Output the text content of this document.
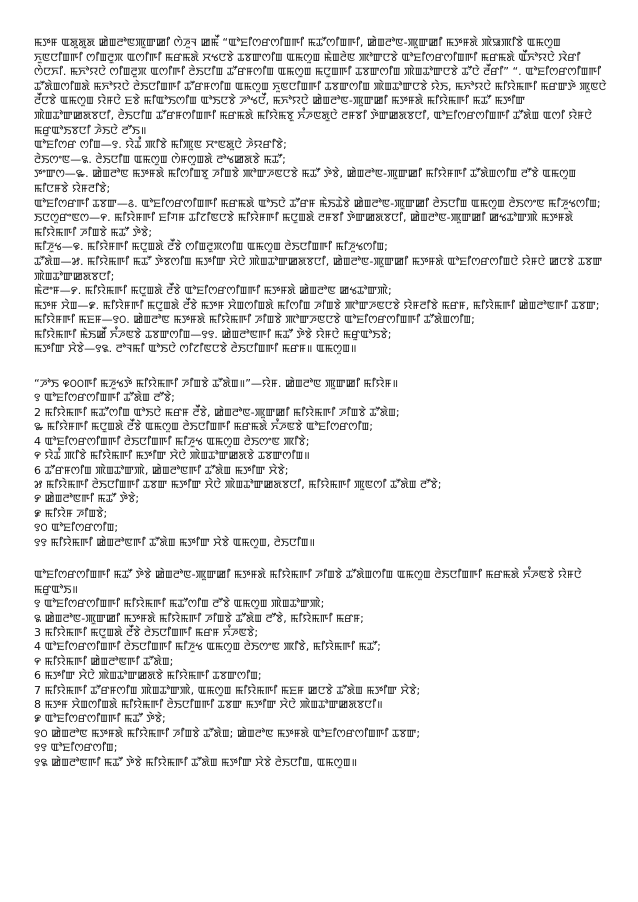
ꯃꯇꯝ ꯑꯗꯨꯗꯨꯗ ꯀꯥꯡꯂꯣꯟꯄꯨꯛꯀꯤ ꯁꯥꯍꯨꯜ ꯀꯃꯩ “ꯑꯣꯐꯤꯁꯔꯁꯤꯡꯒꯤ ꯃꯊꯧꯁꯤꯡꯒꯤ, ꯀꯥꯡꯂꯣꯟ-ꯄꯨꯛꯀꯤ ꯃꯇꯝꯗꯥ ꯄꯥꯎꯄꯤꯕꯥ ꯑꯃꯁꯨꯡ ꯈꯨꯟꯅꯤꯡꯒꯤ ꯁꯤꯡꯂꯨꯞ ꯑꯁꯤꯒꯤ ꯃꯔꯃꯗꯥ ꯆꯠꯅꯕꯥ ꯊꯕꯛꯁꯤꯡ ꯑꯃꯁꯨꯡ ꯃꯥꯡꯂꯥꯟ ꯄꯣꯛꯅꯕꯥ ꯑꯣꯐꯤꯁꯔꯁꯤꯡꯒꯤ ꯃꯔꯃꯗꯥ ꯑꯩꯈꯣꯌꯅꯥ ꯋꯥꯔꯤ ꯁꯥꯅꯈꯤ. ꯃꯈꯣꯌꯅꯥ ꯁꯤꯡꯂꯨꯞ ꯑꯁꯤꯒꯤ ꯂꯥꯏꯅꯤꯡ ꯊꯧꯔꯝꯁꯤꯡ ꯑꯃꯁꯨꯡ ꯃꯅꯨꯡꯒꯤ ꯊꯕꯛꯁꯤꯡ ꯄꯥꯡꯊꯣꯛꯅꯕꯥ ꯊꯧꯅꯥ ꯂꯩꯔꯤ” “. ꯑꯣꯐꯤꯁꯔꯁꯤꯡꯒꯤ ꯊꯧꯗꯥꯡꯁꯤꯡꯗꯥ ꯃꯈꯣꯌꯅꯥ ꯂꯥꯏꯅꯤꯡꯒꯤ ꯊꯧꯔꯝꯁꯤꯡ ꯑꯃꯁꯨꯡ ꯈꯨꯟꯅꯤꯡꯒꯤ ꯊꯕꯛꯁꯤꯡ ꯄꯥꯡꯊꯣꯛꯅꯕꯥ ꯌꯥꯏ, ꯃꯈꯣꯌꯅꯥ ꯃꯤꯌꯥꯃꯒꯤ ꯃꯔꯛꯇꯥ ꯄꯨꯟꯅꯥ ꯂꯩꯅꯕꯥ ꯑꯃꯁꯨꯡ ꯌꯥꯝꯅꯥ ꯐꯕꯥ ꯃꯤꯑꯣꯏꯁꯤꯡ ꯑꯣꯏꯅꯕꯥ ꯍꯣꯠꯅꯩ, ꯃꯈꯣꯌꯅꯥ ꯀꯥꯡꯂꯣꯟ-ꯄꯨꯛꯀꯤ ꯃꯇꯝꯗꯥ ꯃꯤꯌꯥꯃꯒꯤ ꯃꯊꯧ ꯃꯇꯤꯛ ꯄꯥꯡꯊꯣꯛꯀꯗꯕꯅꯤ, ꯂꯥꯏꯅꯤꯡ ꯊꯧꯔꯝꯁꯤꯡꯒꯤ ꯃꯔꯃꯗꯥ ꯃꯤꯌꯥꯃꯕꯨ ꯈꯪꯍꯟꯗꯨꯅꯥ ꯂꯝꯕꯤ ꯇꯥꯛꯀꯗꯕꯅꯤ, ꯑꯣꯐꯤꯁꯔꯁꯤꯡꯒꯤ ꯊꯧꯗꯥꯡ ꯑꯁꯤ ꯌꯥꯝꯅꯥ ꯃꯔꯨꯑꯣꯏꯕꯅꯤ ꯍꯥꯏꯅꯥ ꯂꯧꯏ॥

ꯑꯣꯐꯤꯁꯔ ꯁꯤꯡ—꯱. ꯌꯥꯊꯪ ꯄꯤꯕꯥ ꯃꯤꯄꯨꯟ ꯆꯦꯟꯗꯨꯅꯥ ꯍꯥꯌꯔꯤꯕꯥ;
ꯂꯥꯏꯁꯦꯟ—꯲. ꯂꯥꯏꯅꯤꯡ ꯑꯃꯁꯨꯡ ꯁꯥꯝꯁꯨꯡꯗꯥ ꯂꯣꯠꯀꯗꯕꯥ ꯃꯊꯧ;
ꯇꯦꯛꯁ—꯳. ꯀꯥꯡꯂꯣꯟ ꯃꯇꯝꯗꯥ ꯃꯤꯁꯤꯡꯕꯨ ꯍꯤꯡꯕꯥ ꯄꯣꯛꯍꯟꯅꯕꯥ ꯃꯊꯧ ꯇꯥꯕꯥ, ꯀꯥꯡꯂꯣꯟ-ꯄꯨꯛꯀꯤ ꯃꯤꯌꯥꯝꯒꯤ ꯊꯧꯗꯥꯡꯁꯤꯡ ꯂꯧꯕꯥ ꯑꯃꯁꯨꯡ ꯃꯤꯅꯝꯕꯥ ꯌꯥꯝꯂꯤꯕꯥ;
ꯑꯣꯐꯤꯁꯔꯒꯤ ꯊꯕꯛ—꯴. ꯑꯣꯐꯤꯁꯔꯁꯤꯡꯒꯤ ꯃꯔꯃꯗꯥ ꯑꯣꯏꯅꯥ ꯊꯧꯔꯝ ꯃꯥꯏꯊꯥꯕꯥ ꯀꯥꯡꯂꯣꯟ-ꯄꯨꯛꯀꯤ ꯂꯥꯏꯅꯤꯡ ꯑꯃꯁꯨꯡ ꯂꯥꯏꯁꯦꯟ ꯃꯤꯍꯨꯠꯁꯤꯡ;
ꯏꯅꯁꯨꯔꯦꯟꯁ—꯵. ꯃꯤꯌꯥꯝꯒꯤ ꯐꯤꯚꯝ ꯊꯤꯖꯤꯟꯅꯕꯥ ꯃꯤꯌꯥꯝꯒꯤ ꯃꯅꯨꯡꯗꯥ ꯂꯝꯕꯤ ꯇꯥꯛꯀꯗꯕꯅꯤ, ꯀꯥꯡꯂꯣꯟ-ꯄꯨꯛꯀꯤ ꯀꯠꯊꯣꯛꯄꯥ ꯃꯇꯝꯗꯥ ꯃꯤꯌꯥꯃꯒꯤ ꯍꯤꯡꯕꯥ ꯃꯊꯧ ꯇꯥꯕꯥ;
ꯃꯤꯍꯨꯠ—꯶. ꯃꯤꯌꯥꯝꯒꯤ ꯃꯅꯨꯡꯗꯥ ꯂꯩꯕꯥ ꯁꯤꯡꯂꯨꯞꯁꯤꯡ ꯑꯃꯁꯨꯡ ꯂꯥꯏꯅꯤꯡꯒꯤ ꯃꯤꯍꯨꯠꯁꯤꯡ;
ꯊꯧꯗꯥꯡ—꯷. ꯃꯤꯌꯥꯃꯒꯤ ꯃꯊꯧ ꯇꯥꯕꯁꯤꯡ ꯃꯇꯤꯛ ꯆꯥꯅꯥ ꯄꯥꯡꯊꯣꯛꯀꯗꯕꯅꯤ, ꯀꯥꯡꯂꯣꯟ-ꯄꯨꯛꯀꯤ ꯃꯇꯝꯗꯥ ꯑꯣꯐꯤꯁꯔꯁꯤꯡꯅꯥ ꯌꯥꯝꯅꯥ ꯀꯅꯕꯥ ꯊꯕꯛ ꯄꯥꯡꯊꯣꯛꯀꯗꯕꯅꯤ;
ꯃꯥꯂꯦꯝ—꯸. ꯃꯤꯌꯥꯃꯒꯤ ꯃꯅꯨꯡꯗꯥ ꯂꯩꯕꯥ ꯑꯣꯐꯤꯁꯔꯁꯤꯡꯒꯤ ꯃꯇꯝꯗꯥ ꯀꯥꯡꯂꯣꯟ ꯀꯠꯊꯣꯛꯄꯥ;
ꯃꯇꯝ ꯆꯥꯡ—꯹. ꯃꯤꯌꯥꯝꯒꯤ ꯃꯅꯨꯡꯗꯥ ꯂꯩꯕꯥ ꯃꯇꯝ ꯆꯥꯡꯁꯤꯡꯗꯥ ꯃꯤꯁꯤꯡ ꯍꯤꯡꯕꯥ ꯄꯣꯛꯍꯟꯅꯕꯥ ꯌꯥꯝꯂꯤꯕꯥ ꯃꯔꯝ, ꯃꯤꯌꯥꯃꯒꯤ ꯀꯥꯡꯂꯣꯟꯒꯤ ꯊꯕꯛ;
ꯃꯤꯌꯥꯝꯒꯤ ꯃꯐꯝ—꯱꯰. ꯀꯥꯡꯂꯣꯟ ꯃꯇꯝꯗꯥ ꯃꯤꯌꯥꯃꯒꯤ ꯍꯤꯡꯕꯥ ꯄꯣꯛꯍꯟꯅꯕꯥ ꯑꯣꯐꯤꯁꯔꯁꯤꯡꯒꯤ ꯊꯧꯗꯥꯡꯁꯤꯡ;
ꯃꯤꯌꯥꯃꯒꯤ ꯃꯥꯏꯀꯩ ꯈꯪꯍꯟꯕꯥ ꯊꯕꯛꯁꯤꯡ—꯱꯱. ꯀꯥꯡꯂꯣꯟꯒꯤ ꯃꯊꯧ ꯇꯥꯕꯥ ꯌꯥꯝꯅꯥ ꯃꯔꯨꯑꯣꯏꯕꯥ;
ꯃꯇꯤꯛ ꯆꯥꯕꯥ—꯱꯲. ꯂꯣꯜꯃꯤ ꯑꯣꯏꯅꯥ ꯁꯤꯖꯤꯟꯅꯕꯥ ꯂꯥꯏꯅꯤꯡꯒꯤ ꯃꯔꯝ॥ ꯑꯃꯁꯨꯡ॥
“ꯍꯣꯏ ꯶꯰꯰ꯒꯤ ꯃꯍꯨꯠꯇꯥ ꯃꯤꯌꯥꯃꯒꯤ ꯍꯤꯡꯕꯥ ꯊꯧꯗꯥꯡ॥”—ꯌꯥꯝ. ꯀꯥꯡꯂꯣꯟ ꯄꯨꯛꯀꯤ ꯃꯤꯌꯥꯝ॥
꯱ ꯑꯣꯐꯤꯁꯔꯁꯤꯡꯒꯤ ꯊꯧꯗꯥꯡ ꯂꯧꯕꯥ;
2 ꯃꯤꯌꯥꯃꯒꯤ ꯃꯊꯧꯁꯤꯡ ꯑꯣꯏꯅꯥ ꯃꯔꯝ ꯂꯩꯕꯥ, ꯀꯥꯡꯂꯣꯟ-ꯄꯨꯛꯀꯤ ꯃꯤꯌꯥꯃꯒꯤ ꯍꯤꯡꯕꯥ ꯊꯧꯗꯥꯡ;
꯳ ꯃꯤꯌꯥꯝꯒꯤ ꯃꯅꯨꯡꯗꯥ ꯂꯩꯕꯥ ꯑꯃꯁꯨꯡ ꯂꯥꯏꯅꯤꯡꯒꯤ ꯃꯔꯃꯗꯥ ꯈꯪꯍꯟꯕꯥ ꯑꯣꯐꯤꯁꯔꯁꯤꯡ;
4 ꯑꯣꯐꯤꯁꯔꯁꯤꯡꯒꯤ ꯂꯥꯏꯅꯤꯡꯒꯤ ꯃꯤꯍꯨꯠ ꯑꯃꯁꯨꯡ ꯂꯥꯏꯁꯦꯟ ꯄꯤꯕꯥ;
꯵ ꯌꯥꯊꯪ ꯄꯤꯕꯥ ꯃꯤꯌꯥꯃꯒꯤ ꯃꯇꯤꯛ ꯆꯥꯅꯥ ꯄꯥꯡꯊꯣꯛꯀꯗꯕꯥ ꯊꯕꯛꯁꯤꯡ॥
6 ꯊꯧꯔꯝꯁꯤꯡ ꯄꯥꯡꯊꯣꯛꯄꯥ, ꯀꯥꯡꯂꯣꯟꯒꯤ ꯊꯧꯗꯥꯡ ꯃꯇꯤꯛ ꯆꯥꯕꯥ;
꯷ ꯃꯤꯌꯥꯃꯒꯤ ꯂꯥꯏꯅꯤꯡꯒꯤ ꯊꯕꯛ ꯃꯇꯤꯛ ꯆꯥꯅꯥ ꯄꯥꯡꯊꯣꯛꯀꯗꯕꯅꯤ, ꯃꯤꯌꯥꯃꯒꯤ ꯄꯨꯟꯁꯤ ꯊꯧꯗꯥꯡ ꯂꯧꯕꯥ;
꯸ ꯀꯥꯡꯂꯣꯟꯒꯤ ꯃꯊꯧ ꯇꯥꯕꯥ;
꯹ ꯃꯤꯌꯥꯝ ꯍꯤꯡꯕꯥ;
꯱꯰ ꯑꯣꯐꯤꯁꯔꯁꯤꯡ;
꯱꯱ ꯃꯤꯌꯥꯃꯒꯤ ꯀꯥꯡꯂꯣꯟꯒꯤ ꯊꯧꯗꯥꯡ ꯃꯇꯤꯛ ꯆꯥꯕꯥ ꯑꯃꯁꯨꯡ, ꯂꯥꯏꯅꯤꯡ॥

ꯑꯣꯐꯤꯁꯔꯁꯤꯡꯒꯤ ꯃꯊꯧ ꯇꯥꯕꯥ ꯀꯥꯡꯂꯣꯟ-ꯄꯨꯛꯀꯤ ꯃꯇꯝꯗꯥ ꯃꯤꯌꯥꯃꯒꯤ ꯍꯤꯡꯕꯥ ꯊꯧꯗꯥꯡꯁꯤꯡ ꯑꯃꯁꯨꯡ ꯂꯥꯏꯅꯤꯡꯒꯤ ꯃꯔꯃꯗꯥ ꯈꯪꯍꯟꯕꯥ ꯌꯥꯝꯅꯥ ꯃꯔꯨꯑꯣꯏ॥

꯱ ꯑꯣꯐꯤꯁꯔꯁꯤꯡꯒꯤ ꯃꯤꯌꯥꯃꯒꯤ ꯃꯊꯧꯁꯤꯡ ꯂꯧꯕꯥ ꯑꯃꯁꯨꯡ ꯄꯥꯡꯊꯣꯛꯄꯥ;
꯲ ꯀꯥꯡꯂꯣꯟ-ꯄꯨꯛꯀꯤ ꯃꯇꯝꯗꯥ ꯃꯤꯌꯥꯃꯒꯤ ꯍꯤꯡꯕꯥ ꯊꯧꯗꯥꯡ ꯂꯧꯕꯥ, ꯃꯤꯌꯥꯃꯒꯤ ꯃꯔꯝ;
3 ꯃꯤꯌꯥꯃꯒꯤ ꯃꯅꯨꯡꯗꯥ ꯂꯩꯕꯥ ꯂꯥꯏꯅꯤꯡꯒꯤ ꯃꯔꯝ ꯈꯪꯍꯟꯕꯥ;
4 ꯑꯣꯐꯤꯁꯔꯁꯤꯡꯒꯤ ꯂꯥꯏꯅꯤꯡꯒꯤ ꯃꯤꯍꯨꯠ ꯑꯃꯁꯨꯡ ꯂꯥꯏꯁꯦꯟ ꯄꯤꯕꯥ, ꯃꯤꯌꯥꯃꯒꯤ ꯃꯊꯧ;
꯵ ꯃꯤꯌꯥꯃꯒꯤ ꯀꯥꯡꯂꯣꯟꯒꯤ ꯊꯧꯗꯥꯡ;
6 ꯃꯇꯤꯛ ꯆꯥꯅꯥ ꯄꯥꯡꯊꯣꯛꯀꯗꯕꯥ ꯃꯤꯌꯥꯃꯒꯤ ꯊꯕꯛꯁꯤꯡ;
7 ꯃꯤꯌꯥꯃꯒꯤ ꯊꯧꯔꯝꯁꯤꯡ ꯄꯥꯡꯊꯣꯛꯄꯥ, ꯑꯃꯁꯨꯡ ꯃꯤꯌꯥꯃꯒꯤ ꯃꯐꯝ ꯀꯅꯕꯥ ꯊꯧꯗꯥꯡ ꯃꯇꯤꯛ ꯆꯥꯕꯥ;
8 ꯃꯇꯝ ꯆꯥꯡꯁꯤꯡꯗꯥ ꯃꯤꯌꯥꯃꯒꯤ ꯂꯥꯏꯅꯤꯡꯒꯤ ꯊꯕꯛ ꯃꯇꯤꯛ ꯆꯥꯅꯥ ꯄꯥꯡꯊꯣꯛꯀꯗꯕꯅꯤ॥
꯹ ꯑꯣꯐꯤꯁꯔꯁꯤꯡꯒꯤ ꯃꯊꯧ ꯇꯥꯕꯥ;
꯱꯰ ꯀꯥꯡꯂꯣꯟ ꯃꯇꯝꯗꯥ ꯃꯤꯌꯥꯃꯒꯤ ꯍꯤꯡꯕꯥ ꯊꯧꯗꯥꯡ; ꯀꯥꯡꯂꯣꯟ ꯃꯇꯝꯗꯥ ꯑꯣꯐꯤꯁꯔꯁꯤꯡꯒꯤ ꯊꯕꯛ;
꯱꯱ ꯑꯣꯐꯤꯁꯔꯁꯤꯡ;
꯱꯲ ꯀꯥꯡꯂꯣꯟꯒꯤ ꯃꯊꯧ ꯇꯥꯕꯥ ꯃꯤꯌꯥꯃꯒꯤ ꯊꯧꯗꯥꯡ ꯃꯇꯤꯛ ꯆꯥꯕꯥ ꯂꯥꯏꯅꯤꯡ, ꯑꯃꯁꯨꯡ॥
